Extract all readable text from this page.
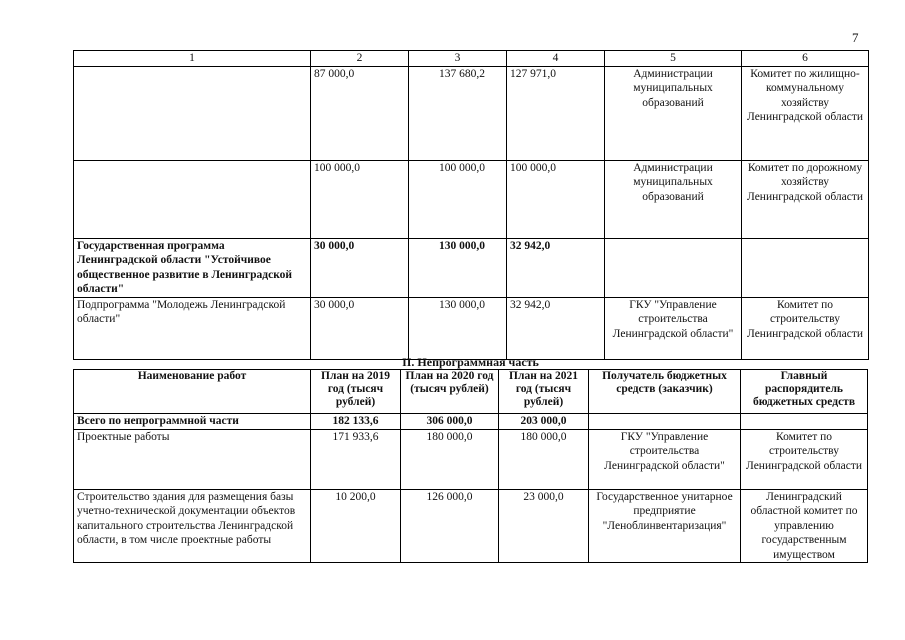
7
1	2	3	4	5	6
	87 000,0	137 680,2	127 971,0	Администрации муниципальных образований	Комитет по жилищно-коммунальному хозяйству Ленинградской области
	100 000,0	100 000,0	100 000,0	Администрации муниципальных образований	Комитет по дорожному хозяйству Ленинградской области
Государственная программа Ленинградской области "Устойчивое общественное развитие в Ленинградской области"	30 000,0	130 000,0	32 942,0		
Подпрограмма "Молодежь Ленинградской области"	30 000,0	130 000,0	32 942,0	ГКУ "Управление строительства Ленинградской области"	Комитет по строительству Ленинградской области
II. Непрограммная часть
Наименование работ	План на 2019 год (тысяч рублей)	План на 2020 год (тысяч рублей)	План на 2021 год (тысяч рублей)	Получатель бюджетных средств (заказчик)	Главный распорядитель бюджетных средств
Всего по непрограммной части	182 133,6	306 000,0	203 000,0		
Проектные работы	171 933,6	180 000,0	180 000,0	ГКУ "Управление строительства Ленинградской области"	Комитет по строительству Ленинградской области
Строительство здания для размещения базы учетно-технической документации объектов капитального строительства Ленинградской области, в том числе проектные работы	10 200,0	126 000,0	23 000,0	Государственное унитарное предприятие "Леноблинвентаризация"	Ленинградский областной комитет по управлению государственным имуществом
